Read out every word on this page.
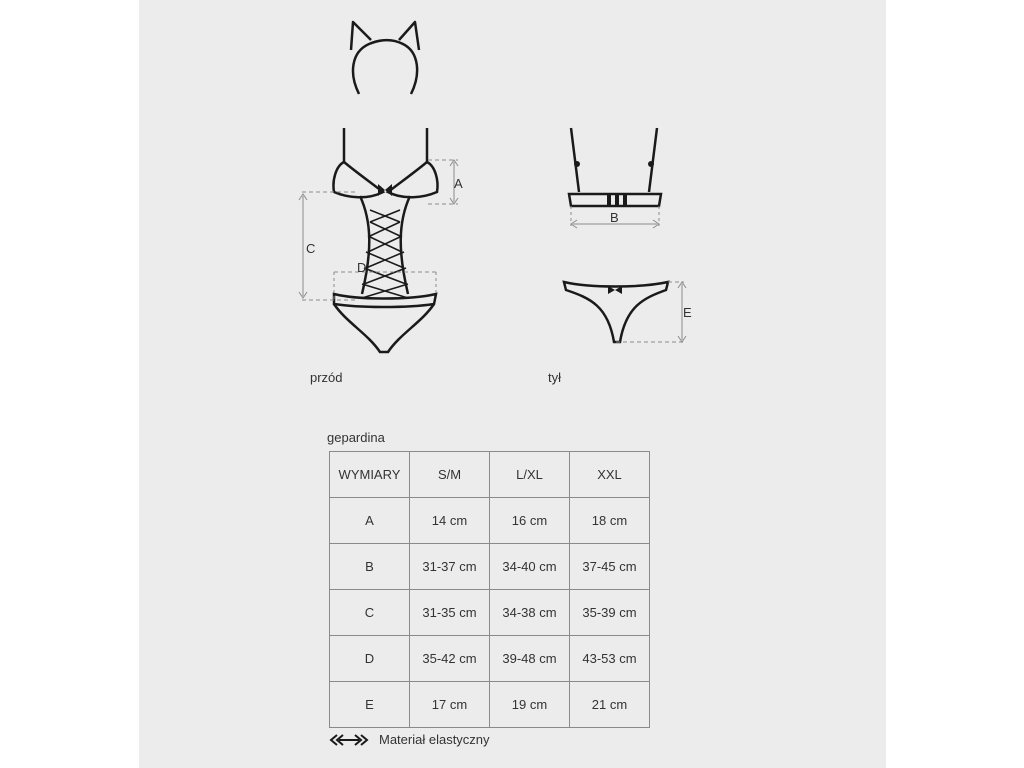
A
C
D
B
E
przód	tył
gepardina
WYMIARY	S/M	L/XL	XXL
A	14 cm	16 cm	18 cm
B	31-37 cm	34-40 cm	37-45 cm
C	31-35 cm	34-38 cm	35-39 cm
D	35-42 cm	39-48 cm	43-53 cm
E	17 cm	19 cm	21 cm
Materiał elastyczny
